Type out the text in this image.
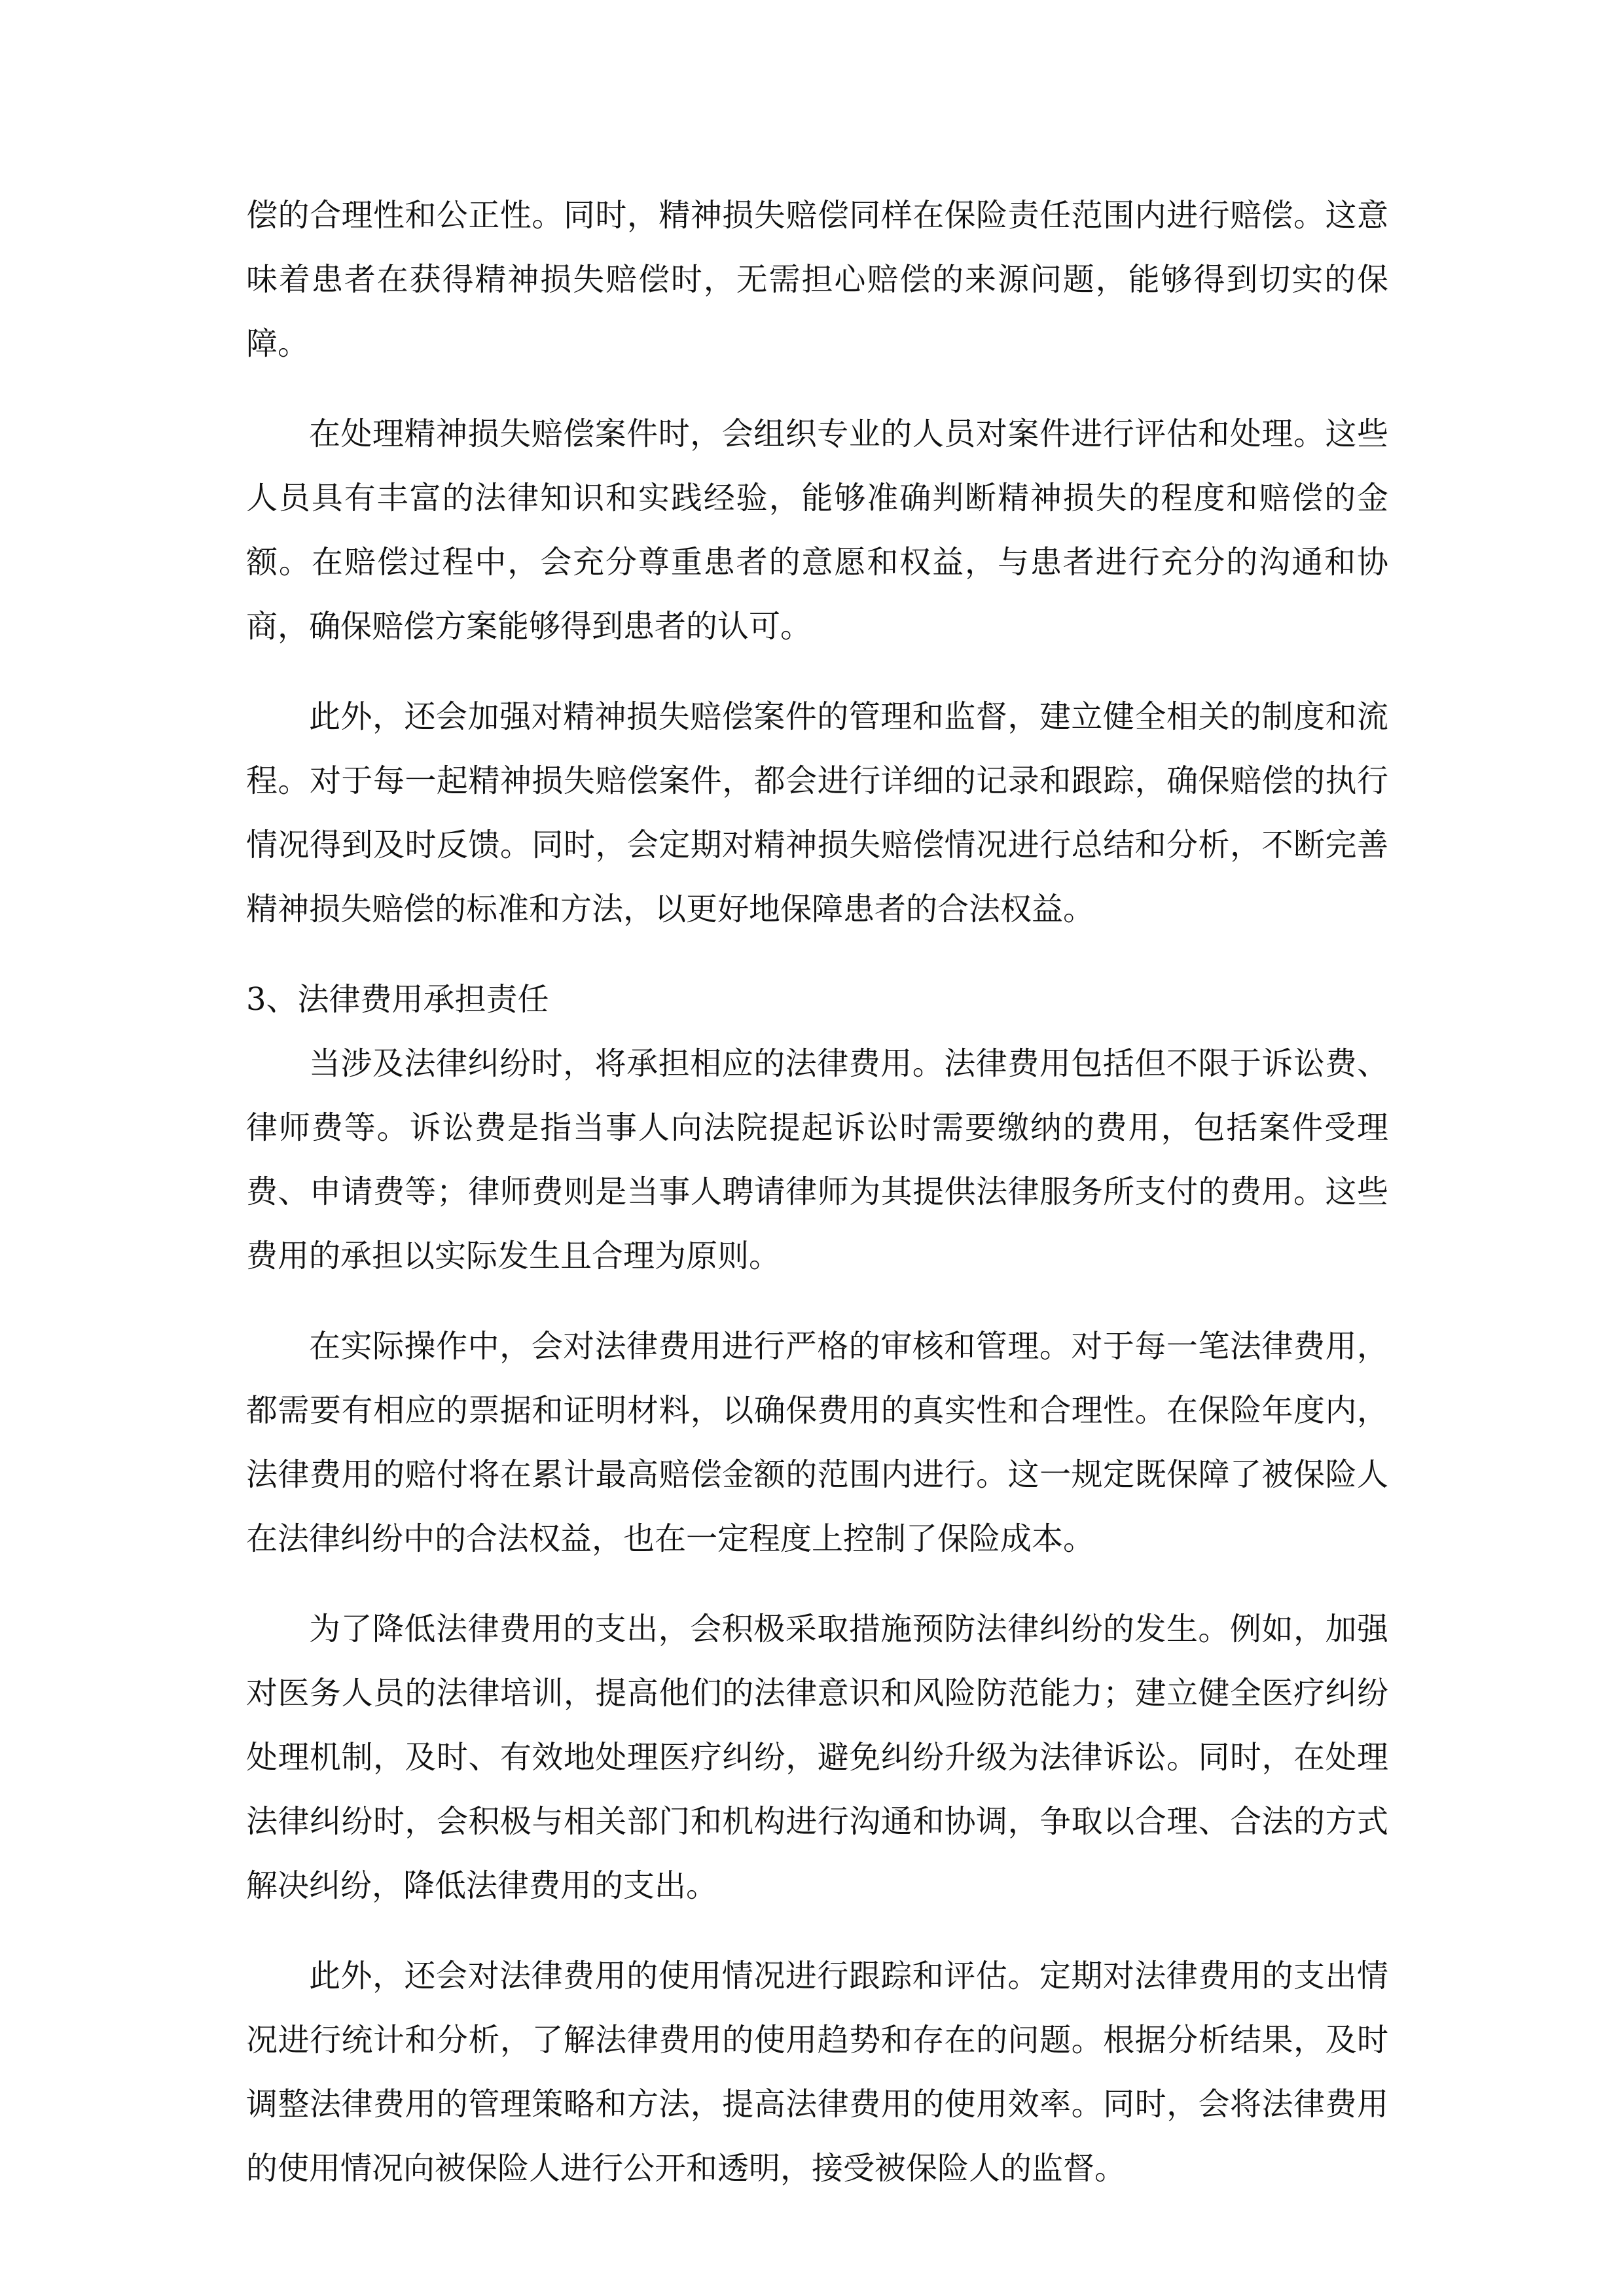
偿的合理性和公正性。同时，精神损失赔偿同样在保险责任范围内进行赔偿。这意味着患者在获得精神损失赔偿时，无需担心赔偿的来源问题，能够得到切实的保障。

在处理精神损失赔偿案件时，会组织专业的人员对案件进行评估和处理。这些人员具有丰富的法律知识和实践经验，能够准确判断精神损失的程度和赔偿的金额。在赔偿过程中，会充分尊重患者的意愿和权益，与患者进行充分的沟通和协商，确保赔偿方案能够得到患者的认可。

此外，还会加强对精神损失赔偿案件的管理和监督，建立健全相关的制度和流程。对于每一起精神损失赔偿案件，都会进行详细的记录和跟踪，确保赔偿的执行情况得到及时反馈。同时，会定期对精神损失赔偿情况进行总结和分析，不断完善精神损失赔偿的标准和方法，以更好地保障患者的合法权益。

3、法律费用承担责任

当涉及法律纠纷时，将承担相应的法律费用。法律费用包括但不限于诉讼费、律师费等。诉讼费是指当事人向法院提起诉讼时需要缴纳的费用，包括案件受理费、申请费等；律师费则是当事人聘请律师为其提供法律服务所支付的费用。这些费用的承担以实际发生且合理为原则。

在实际操作中，会对法律费用进行严格的审核和管理。对于每一笔法律费用，都需要有相应的票据和证明材料，以确保费用的真实性和合理性。在保险年度内，法律费用的赔付将在累计最高赔偿金额的范围内进行。这一规定既保障了被保险人在法律纠纷中的合法权益，也在一定程度上控制了保险成本。

为了降低法律费用的支出，会积极采取措施预防法律纠纷的发生。例如，加强对医务人员的法律培训，提高他们的法律意识和风险防范能力；建立健全医疗纠纷处理机制，及时、有效地处理医疗纠纷，避免纠纷升级为法律诉讼。同时，在处理法律纠纷时，会积极与相关部门和机构进行沟通和协调，争取以合理、合法的方式解决纠纷，降低法律费用的支出。

此外，还会对法律费用的使用情况进行跟踪和评估。定期对法律费用的支出情况进行统计和分析，了解法律费用的使用趋势和存在的问题。根据分析结果，及时调整法律费用的管理策略和方法，提高法律费用的使用效率。同时，会将法律费用的使用情况向被保险人进行公开和透明，接受被保险人的监督。
